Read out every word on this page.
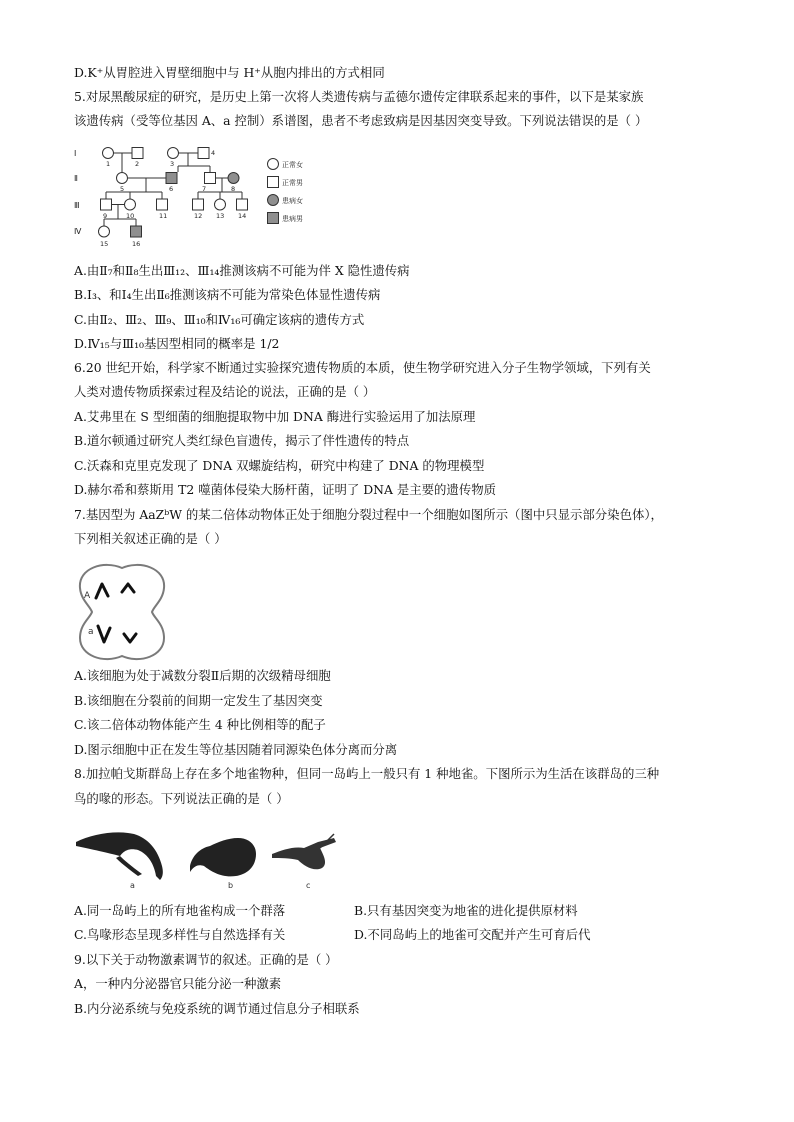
D.K⁺从胃腔进入胃壁细胞中与 H⁺从胞内排出的方式相同
5.对尿黑酸尿症的研究，是历史上第一次将人类遗传病与孟德尔遗传定律联系起来的事件，以下是某家族
该遗传病（受等位基因 A、a 控制）系谱图，患者不考虑致病是因基因突变导致。下列说法错误的是（ ）
Ⅰ
Ⅱ
Ⅲ
Ⅳ
1	2	3
4
5	6	7	8
9	10	11	12 13 14
15	16
正常女
正常男
患病女
患病男
A.由Ⅱ₇和Ⅱ₈生出Ⅲ₁₂、Ⅲ₁₄推测该病不可能为伴 X 隐性遗传病
B.Ⅰ₃、和Ⅰ₄生出Ⅱ₆推测该病不可能为常染色体显性遗传病
C.由Ⅱ₂、Ⅲ₂、Ⅲ₉、Ⅲ₁₀和Ⅳ₁₆可确定该病的遗传方式
D.Ⅳ₁₅与Ⅲ₁₀基因型相同的概率是 1/2
6.20 世纪开始，科学家不断通过实验探究遗传物质的本质，使生物学研究进入分子生物学领域，下列有关
人类对遗传物质探索过程及结论的说法，正确的是（ ）
A.艾弗里在 S 型细菌的细胞提取物中加 DNA 酶进行实验运用了加法原理
B.道尔顿通过研究人类红绿色盲遗传，揭示了伴性遗传的特点
C.沃森和克里克发现了 DNA 双螺旋结构，研究中构建了 DNA 的物理模型
D.赫尔希和蔡斯用 T2 噬菌体侵染大肠杆菌，证明了 DNA 是主要的遗传物质
7.基因型为 AaZᵇW 的某二倍体动物体正处于细胞分裂过程中一个细胞如图所示（图中只显示部分染色体），
下列相关叙述正确的是（ ）
A
a
A.该细胞为处于减数分裂Ⅱ后期的次级精母细胞
B.该细胞在分裂前的间期一定发生了基因突变
C.该二倍体动物体能产生 4 种比例相等的配子
D.图示细胞中正在发生等位基因随着同源染色体分离而分离
8.加拉帕戈斯群岛上存在多个地雀物种，但同一岛屿上一般只有 1 种地雀。下图所示为生活在该群岛的三种
鸟的喙的形态。下列说法正确的是（ ）
a	b	c
A.同一岛屿上的所有地雀构成一个群落	B.只有基因突变为地雀的进化提供原材料
C.鸟喙形态呈现多样性与自然选择有关	D.不同岛屿上的地雀可交配并产生可育后代
9.以下关于动物激素调节的叙述。正确的是（ ）
A，一种内分泌器官只能分泌一种激素
B.内分泌系统与免疫系统的调节通过信息分子相联系
